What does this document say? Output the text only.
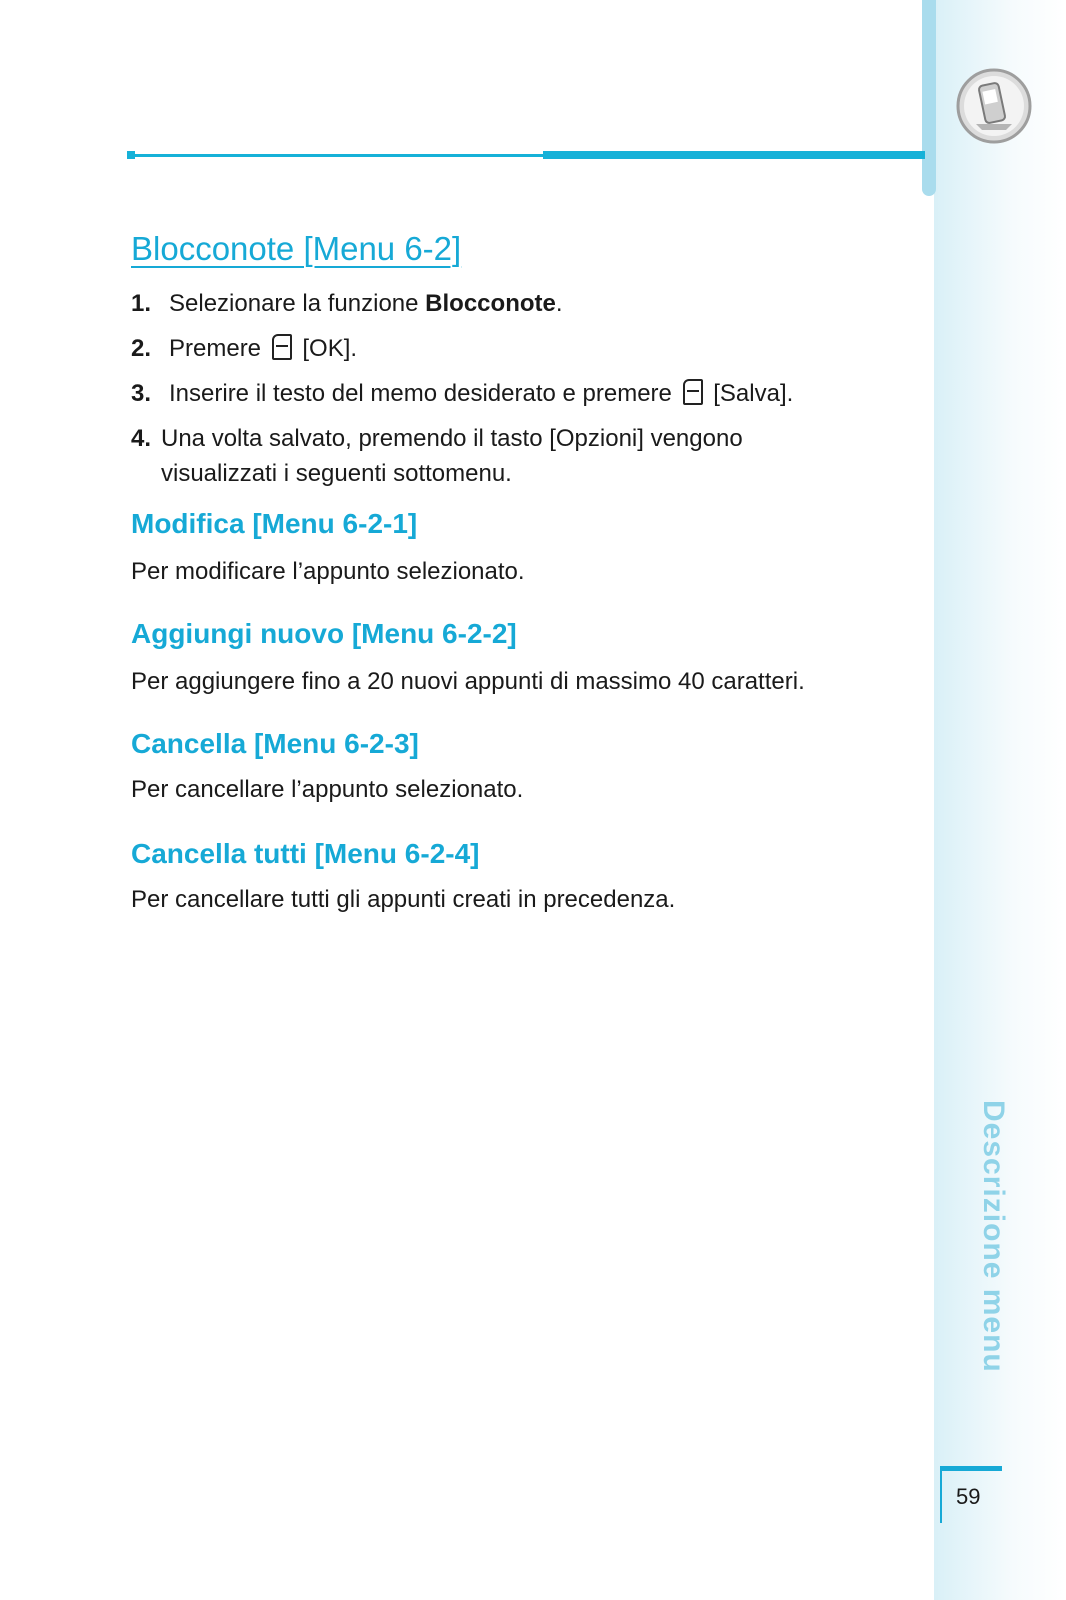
Blocconote [Menu 6-2]
1. Selezionare la funzione Blocconote.
2. Premere  [OK].
3. Inserire il testo del memo desiderato e premere  [Salva].
4. Una volta salvato, premendo il tasto [Opzioni] vengono
visualizzati i seguenti sottomenu.
Modifica [Menu 6-2-1]

Per modificare l’appunto selezionato.

Aggiungi nuovo [Menu 6-2-2]

Per aggiungere fino a 20 nuovi appunti di massimo 40 caratteri.

Cancella [Menu 6-2-3]

Per cancellare l’appunto selezionato.

Cancella tutti [Menu 6-2-4]

Per cancellare tutti gli appunti creati in precedenza.

Descrizione menu
59
